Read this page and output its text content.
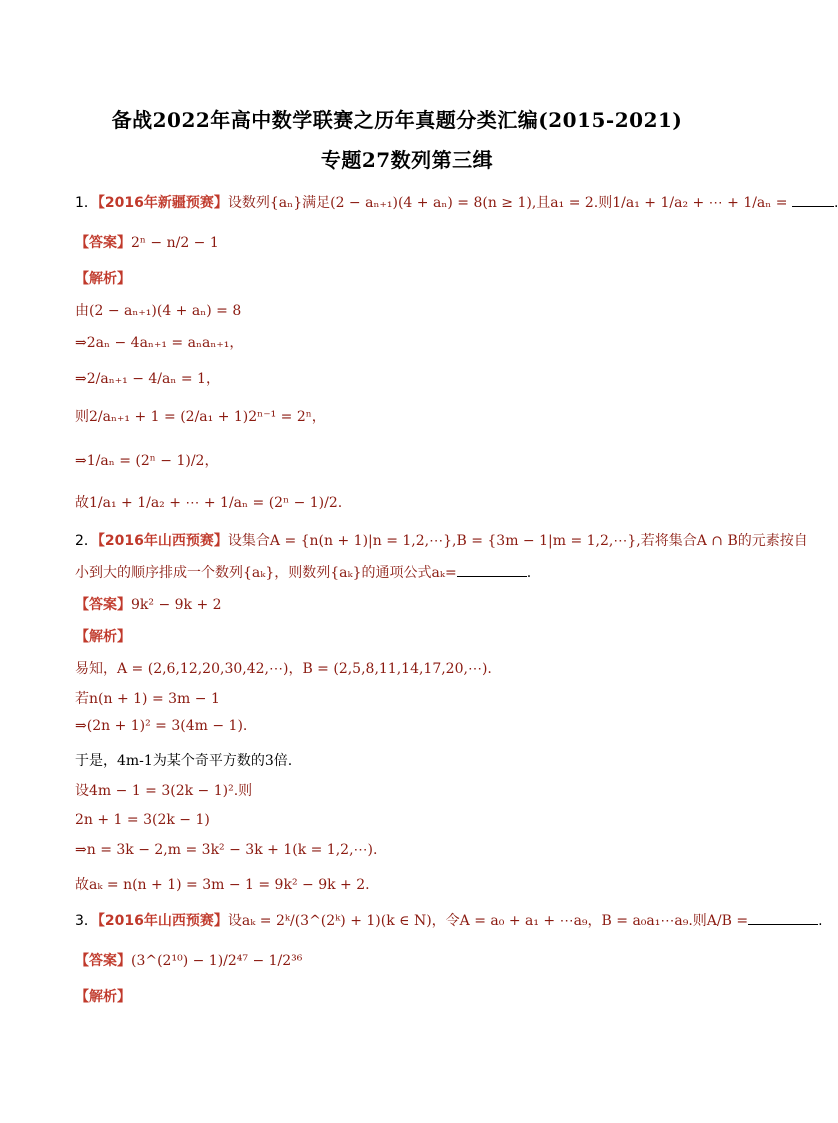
备战2022年高中数学联赛之历年真题分类汇编(2015-2021)
专题27数列第三缉
1．【2016年新疆预赛】设数列{aₙ}满足(2 − aₙ₊₁)(4 + aₙ) = 8(n ≥ 1),且a₁ = 2.则1/a₁ + 1/a₂ + ⋯ + 1/aₙ =	.
【答案】2ⁿ − n/2 − 1
【解析】
由(2 − aₙ₊₁)(4 + aₙ) = 8
⇒2aₙ − 4aₙ₊₁ = aₙaₙ₊₁，
⇒2/aₙ₊₁ − 4/aₙ = 1，
则2/aₙ₊₁ + 1 = (2/a₁ + 1)2ⁿ⁻¹ = 2ⁿ，
⇒1/aₙ = (2ⁿ − 1)/2，
故1/a₁ + 1/a₂ + ⋯ + 1/aₙ = (2ⁿ − 1)/2.
2．【2016年山西预赛】设集合A = {n(n + 1)|n = 1,2,⋯},B = {3m − 1|m = 1,2,⋯},若将集合A ∩ B的元素按自
小到大的顺序排成一个数列{aₖ}，则数列{aₖ}的通项公式aₖ=	.
【答案】9k² − 9k + 2
【解析】
易知，A = (2,6,12,20,30,42,⋯)，B = (2,5,8,11,14,17,20,⋯).
若n(n + 1) = 3m − 1
⇒(2n + 1)² = 3(4m − 1).
于是，4m-1为某个奇平方数的3倍.
设4m − 1 = 3(2k − 1)².则
2n + 1 = 3(2k − 1)
⇒n = 3k − 2,m = 3k² − 3k + 1(k = 1,2,⋯).
故aₖ = n(n + 1) = 3m − 1 = 9k² − 9k + 2.
3．【2016年山西预赛】设aₖ = 2ᵏ/(3^(2ᵏ) + 1)(k ∈ N)，令A = a₀ + a₁ + ⋯a₉，B = a₀a₁⋯a₉.则A/B =	.
【答案】(3^(2¹⁰) − 1)/2⁴⁷ − 1/2³⁶
【解析】
